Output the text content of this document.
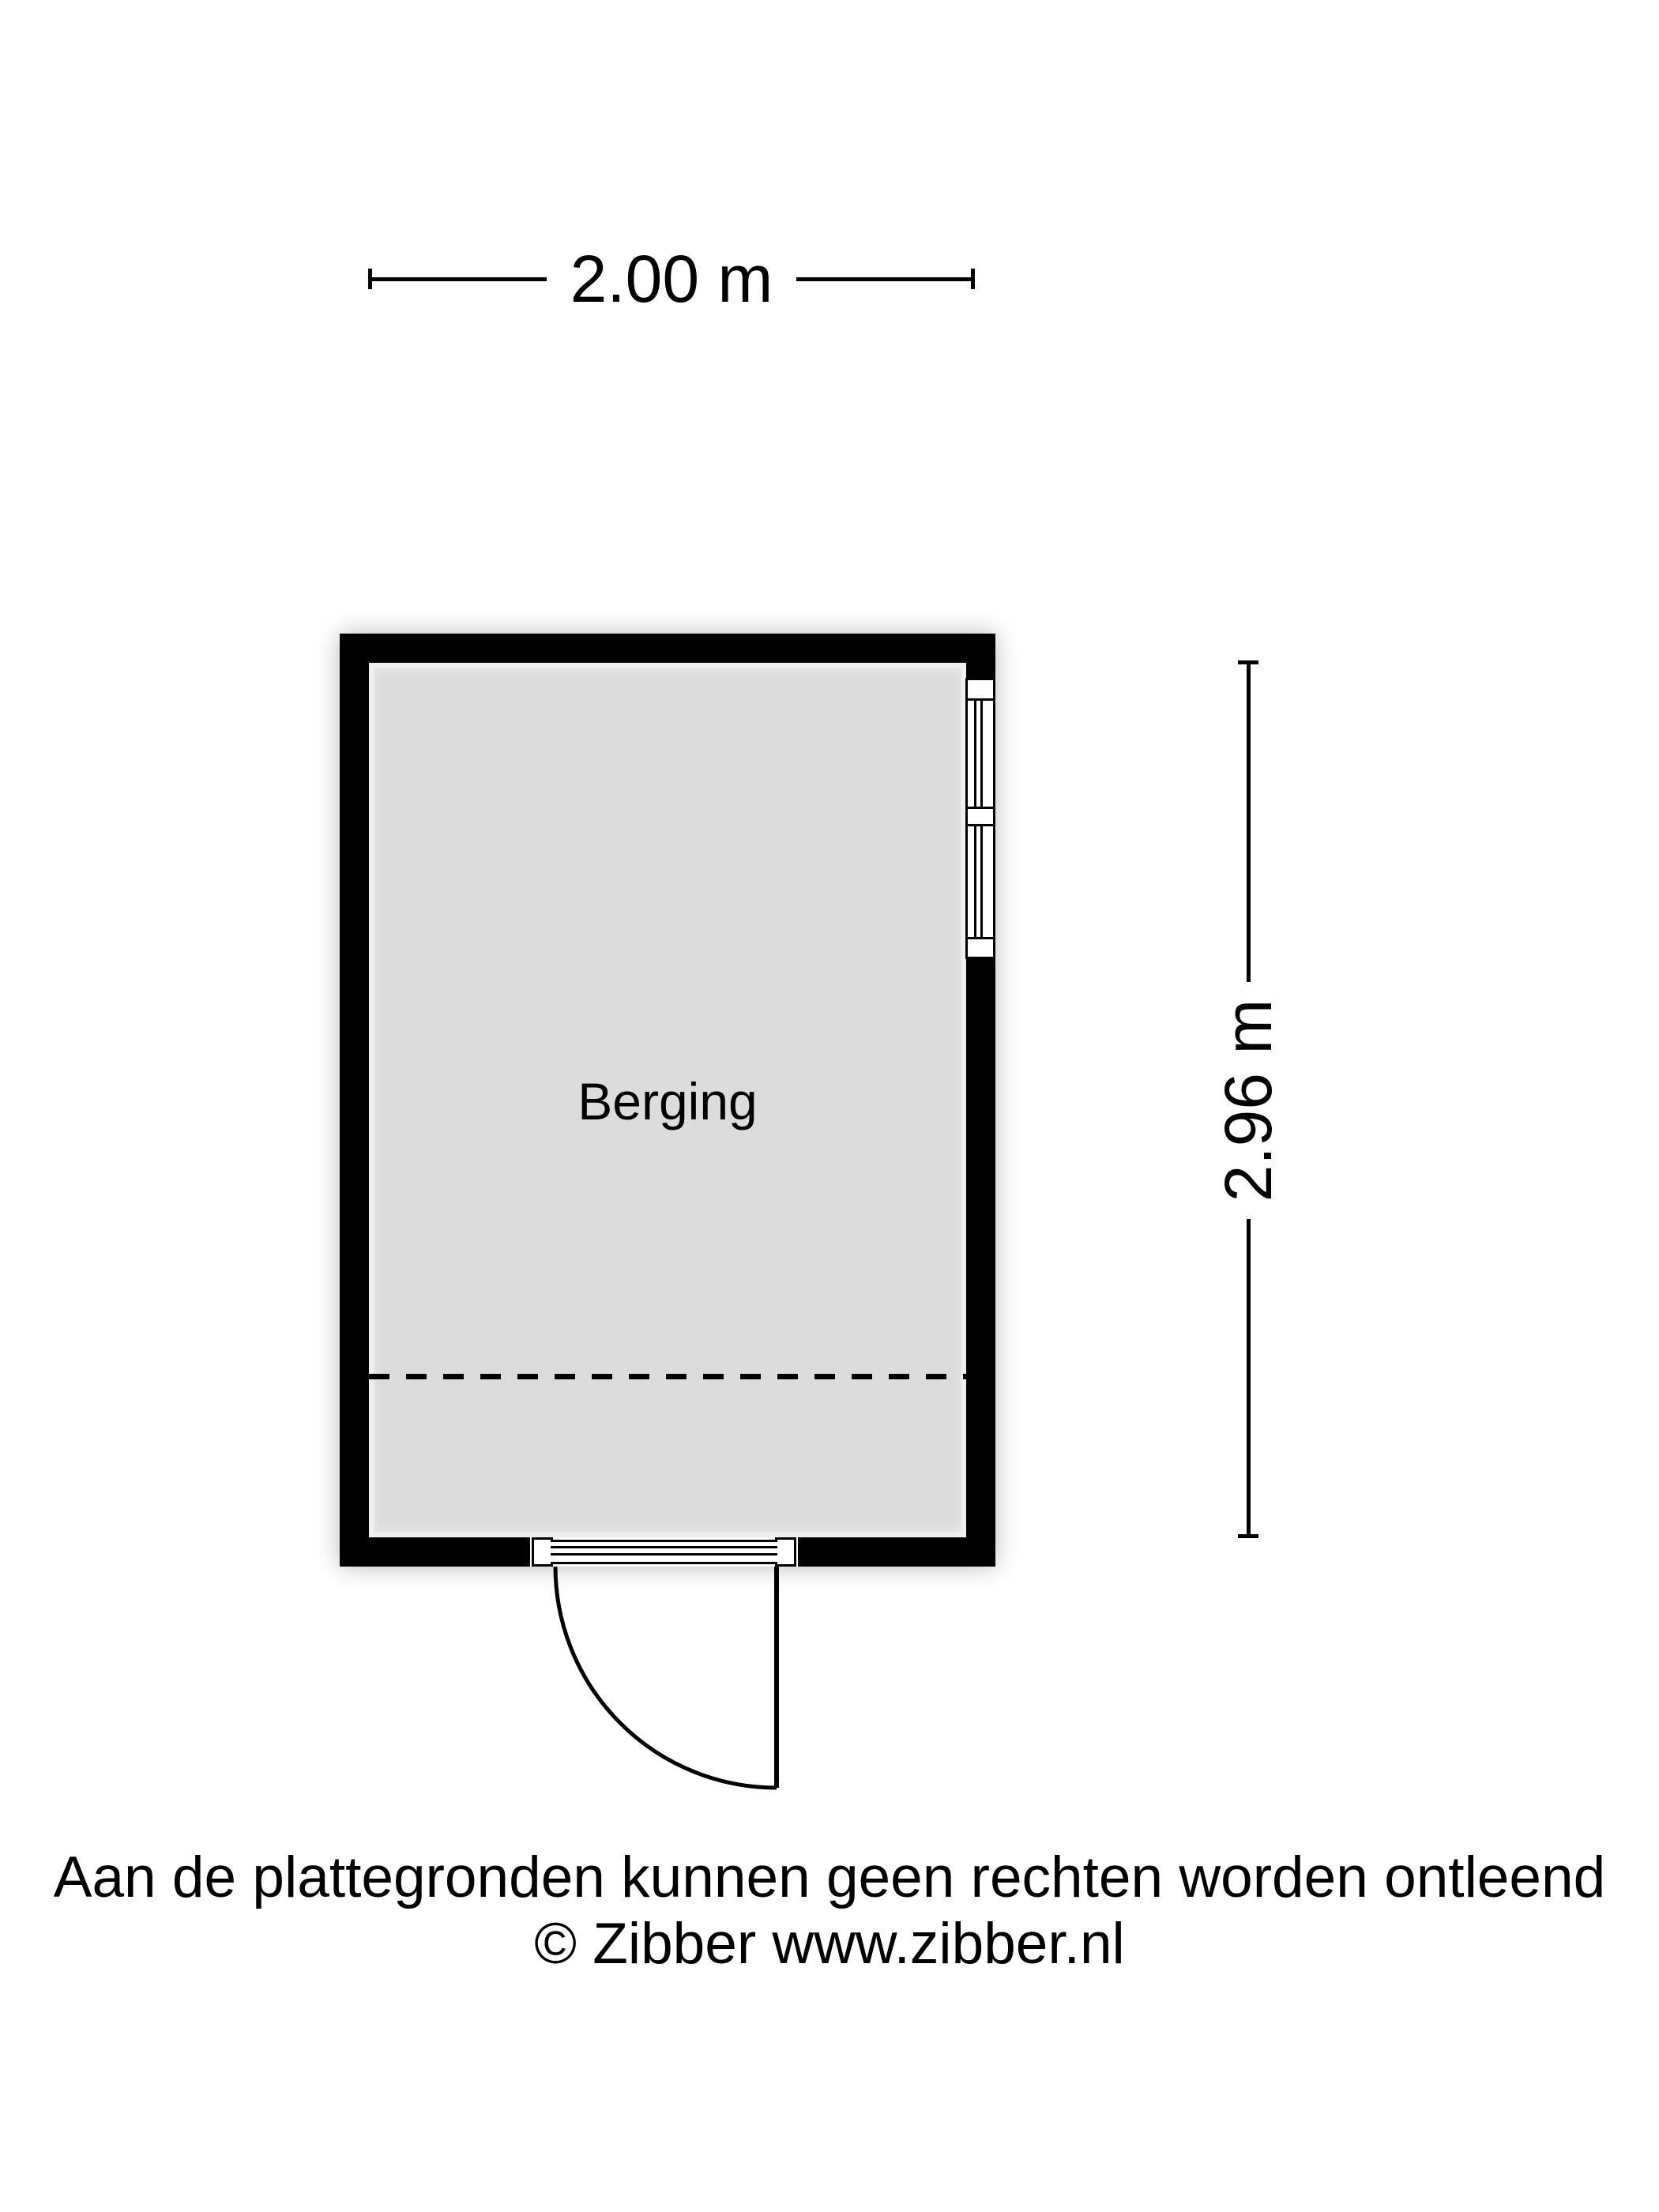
2.00 m
Berging	2.96 m
Aan de plattegronden kunnen geen rechten worden ontleend
© Zibber www.zibber.nl
